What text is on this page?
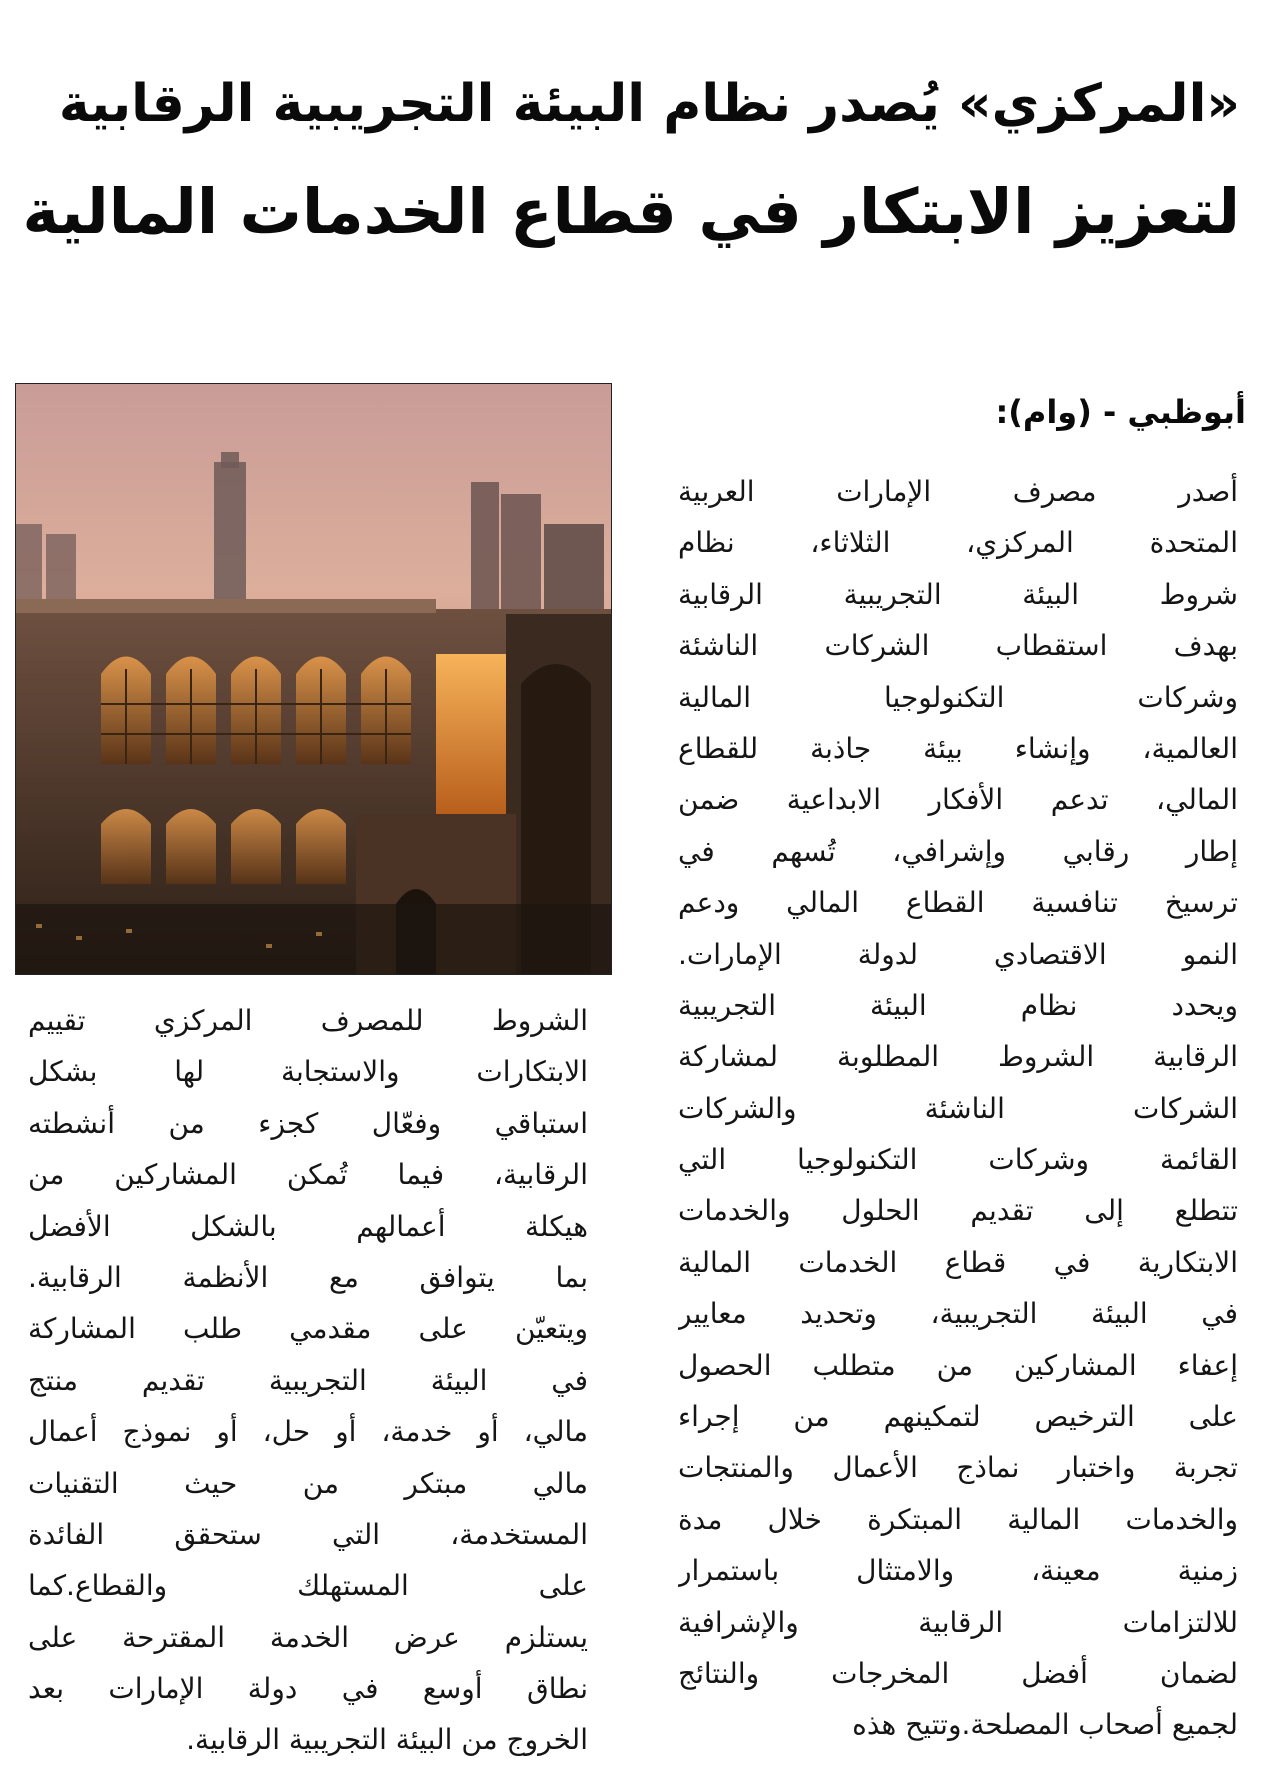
«المركزي» يُصدر نظام البيئة التجريبية الرقابية
لتعزيز الابتكار في قطاع الخدمات المالية
أبوظبي - (وام):
أصدر مصرف الإمارات العربية
المتحدة المركزي، الثلاثاء، نظام
شروط البيئة التجريبية الرقابية
بهدف استقطاب الشركات الناشئة
وشركات التكنولوجيا المالية
العالمية، وإنشاء بيئة جاذبة للقطاع
المالي، تدعم الأفكار الابداعية ضمن
إطار رقابي وإشرافي، تُسهم في
ترسيخ تنافسية القطاع المالي ودعم
النمو الاقتصادي لدولة الإمارات.
ويحدد نظام البيئة التجريبية
الرقابية الشروط المطلوبة لمشاركة
الشركات الناشئة والشركات
القائمة وشركات التكنولوجيا التي
تتطلع إلى تقديم الحلول والخدمات
الابتكارية في قطاع الخدمات المالية
في البيئة التجريبية، وتحديد معايير
إعفاء المشاركين من متطلب الحصول
على الترخيص لتمكينهم من إجراء
تجربة واختبار نماذج الأعمال والمنتجات
والخدمات المالية المبتكرة خلال مدة
زمنية معينة، والامتثال باستمرار
للالتزامات الرقابية والإشرافية
لضمان أفضل المخرجات والنتائج
لجميع أصحاب المصلحة.وتتيح هذه
الشروط للمصرف المركزي تقييم
الابتكارات والاستجابة لها بشكل
استباقي وفعّال كجزء من أنشطته
الرقابية، فيما تُمكن المشاركين من
هيكلة أعمالهم بالشكل الأفضل
بما يتوافق مع الأنظمة الرقابية.
ويتعيّن على مقدمي طلب المشاركة
في البيئة التجريبية تقديم منتج
مالي، أو خدمة، أو حل، أو نموذج أعمال
مالي مبتكر من حيث التقنيات
المستخدمة، التي ستحقق الفائدة
على المستهلك والقطاع.كما
يستلزم عرض الخدمة المقترحة على
نطاق أوسع في دولة الإمارات بعد
الخروج من البيئة التجريبية الرقابية.
